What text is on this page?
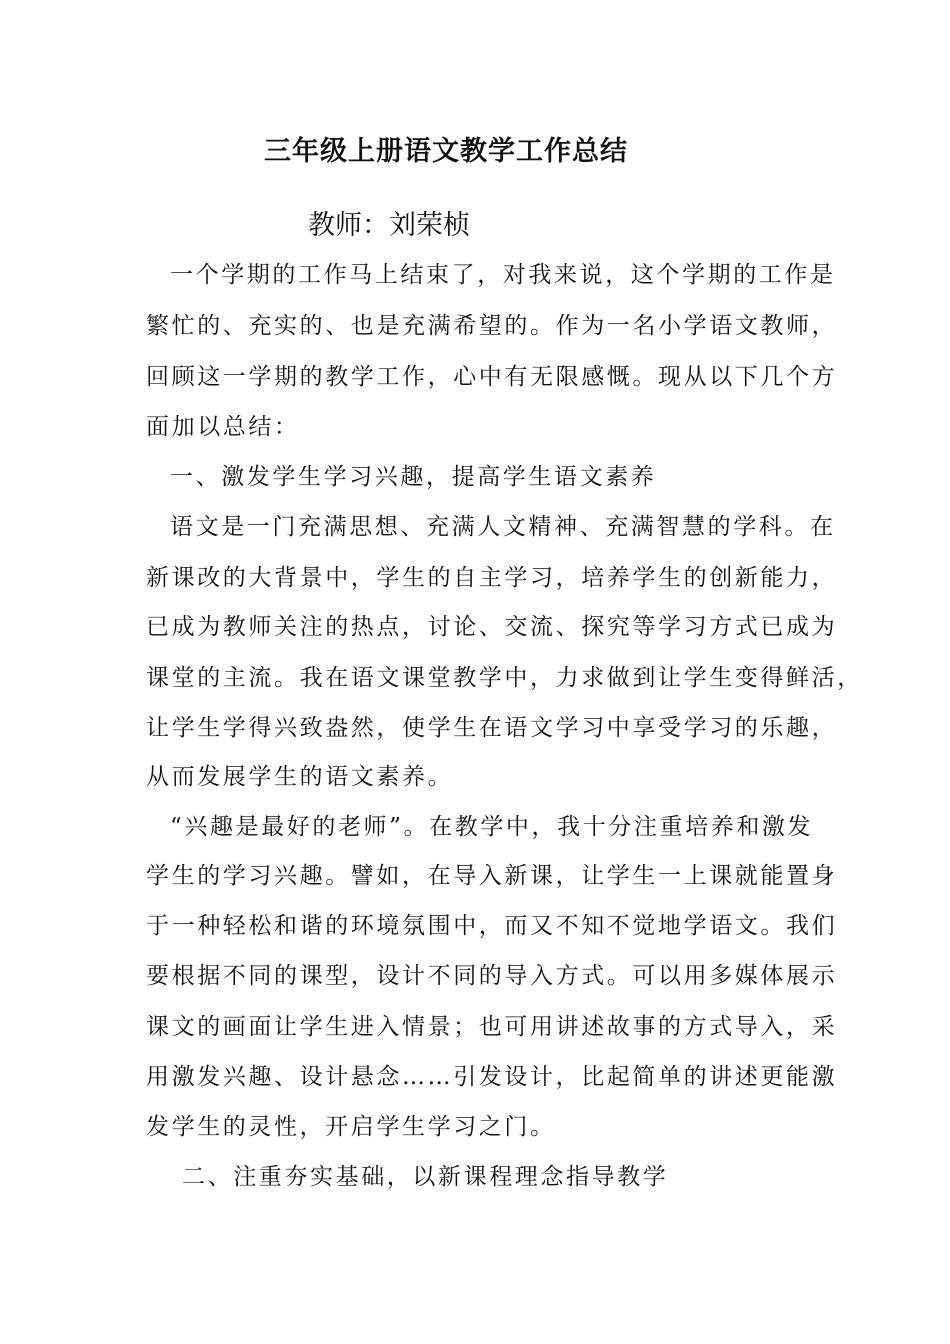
三年级上册语文教学工作总结
教师：刘荣桢
一个学期的工作马上结束了，对我来说，这个学期的工作是
繁忙的、充实的、也是充满希望的。作为一名小学语文教师，
回顾这一学期的教学工作，心中有无限感慨。现从以下几个方
面加以总结：
一、激发学生学习兴趣，提高学生语文素养
语文是一门充满思想、充满人文精神、充满智慧的学科。在
新课改的大背景中，学生的自主学习，培养学生的创新能力，
已成为教师关注的热点，讨论、交流、探究等学习方式已成为
课堂的主流。我在语文课堂教学中，力求做到让学生变得鲜活，
让学生学得兴致盎然，使学生在语文学习中享受学习的乐趣，
从而发展学生的语文素养。
“兴趣是最好的老师”。在教学中，我十分注重培养和激发
学生的学习兴趣。譬如，在导入新课，让学生一上课就能置身
于一种轻松和谐的环境氛围中，而又不知不觉地学语文。我们
要根据不同的课型，设计不同的导入方式。可以用多媒体展示
课文的画面让学生进入情景；也可用讲述故事的方式导入，采
用激发兴趣、设计悬念……引发设计，比起简单的讲述更能激
发学生的灵性，开启学生学习之门。
二、注重夯实基础，以新课程理念指导教学
